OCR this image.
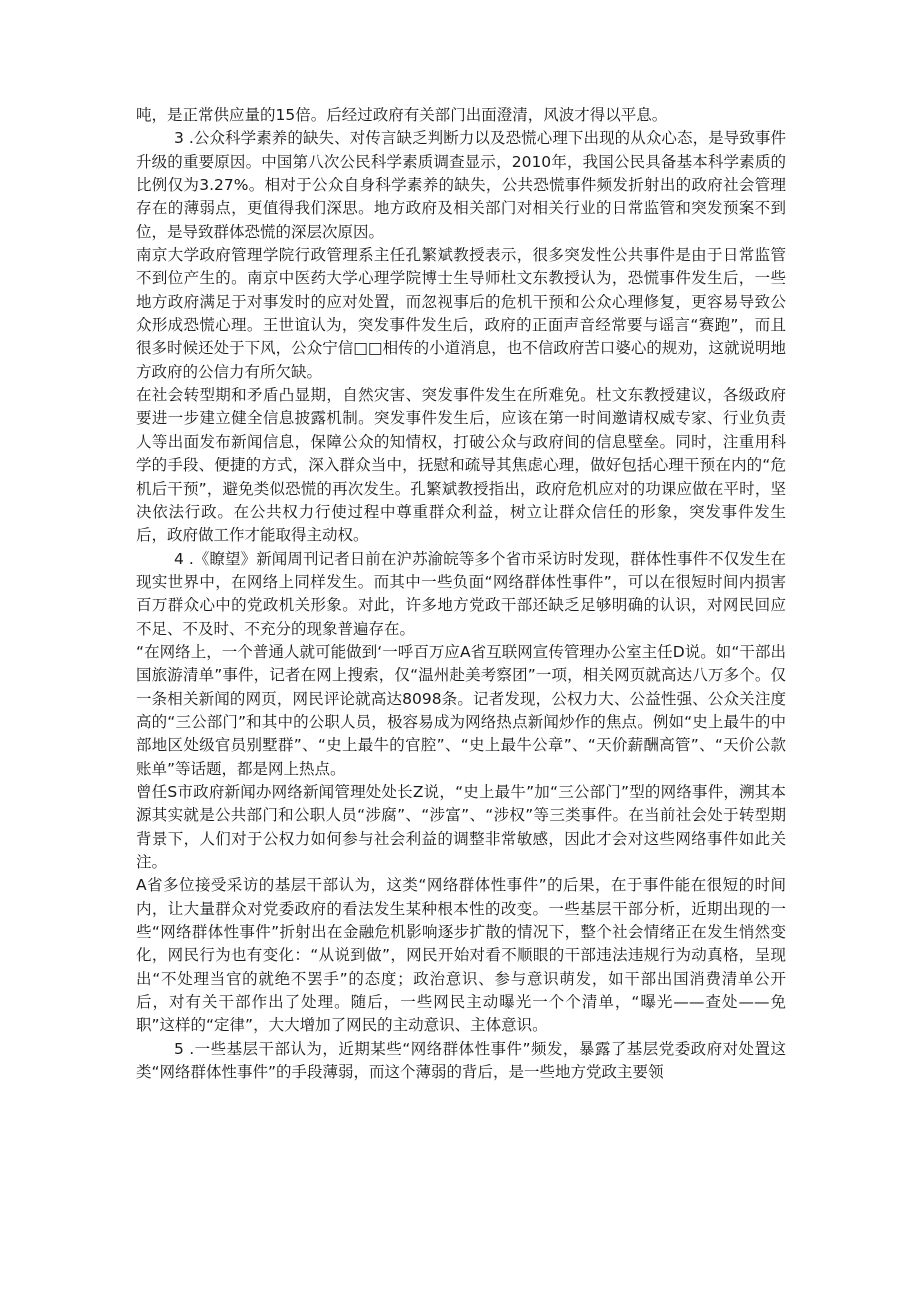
吨，是正常供应量的15倍。后经过政府有关部门出面澄清，风波才得以平息。

3 .公众科学素养的缺失、对传言缺乏判断力以及恐慌心理下出现的从众心态，是导致事件升级的重要原因。中国第八次公民科学素质调查显示，2010年，我国公民具备基本科学素质的比例仅为3.27%。相对于公众自身科学素养的缺失，公共恐慌事件频发折射出的政府社会管理存在的薄弱点，更值得我们深思。地方政府及相关部门对相关行业的日常监管和突发预案不到位，是导致群体恐慌的深层次原因。

南京大学政府管理学院行政管理系主任孔繁斌教授表示，很多突发性公共事件是由于日常监管不到位产生的。南京中医药大学心理学院博士生导师杜文东教授认为，恐慌事件发生后，一些地方政府满足于对事发时的应对处置，而忽视事后的危机干预和公众心理修复，更容易导致公众形成恐慌心理。王世谊认为，突发事件发生后，政府的正面声音经常要与谣言“赛跑”，而且很多时候还处于下风，公众宁信□□相传的小道消息，也不信政府苦口婆心的规劝，这就说明地方政府的公信力有所欠缺。

在社会转型期和矛盾凸显期，自然灾害、突发事件发生在所难免。杜文东教授建议，各级政府要进一步建立健全信息披露机制。突发事件发生后，应该在第一时间邀请权威专家、行业负责人等出面发布新闻信息，保障公众的知情权，打破公众与政府间的信息壁垒。同时，注重用科学的手段、便捷的方式，深入群众当中，抚慰和疏导其焦虑心理，做好包括心理干预在内的“危机后干预”，避免类似恐慌的再次发生。孔繁斌教授指出，政府危机应对的功课应做在平时，坚决依法行政。在公共权力行使过程中尊重群众利益，树立让群众信任的形象，突发事件发生后，政府做工作才能取得主动权。

4 .《瞭望》新闻周刊记者日前在沪苏渝皖等多个省市采访时发现，群体性事件不仅发生在现实世界中，在网络上同样发生。而其中一些负面“网络群体性事件”，可以在很短时间内损害百万群众心中的党政机关形象。对此，许多地方党政干部还缺乏足够明确的认识，对网民回应不足、不及时、不充分的现象普遍存在。

“在网络上，一个普通人就可能做到‘一呼百万应A省互联网宣传管理办公室主任D说。如“干部出国旅游清单”事件，记者在网上搜索，仅“温州赴美考察团”一项，相关网页就高达八万多个。仅一条相关新闻的网页，网民评论就高达8098条。记者发现，公权力大、公益性强、公众关注度高的“三公部门”和其中的公职人员，极容易成为网络热点新闻炒作的焦点。例如“史上最牛的中部地区处级官员别墅群”、“史上最牛的官腔”、“史上最牛公章”、“天价薪酬高管”、“天价公款账单”等话题，都是网上热点。

曾任S市政府新闻办网络新闻管理处处长Z说，“史上最牛”加“三公部门”型的网络事件，溯其本源其实就是公共部门和公职人员“涉腐”、“涉富”、“涉权”等三类事件。在当前社会处于转型期背景下，人们对于公权力如何参与社会利益的调整非常敏感，因此才会对这些网络事件如此关注。

A省多位接受采访的基层干部认为，这类“网络群体性事件”的后果，在于事件能在很短的时间内，让大量群众对党委政府的看法发生某种根本性的改变。一些基层干部分析，近期出现的一些“网络群体性事件”折射出在金融危机影响逐步扩散的情况下，整个社会情绪正在发生悄然变化，网民行为也有变化：“从说到做”，网民开始对看不顺眼的干部违法违规行为动真格，呈现出“不处理当官的就绝不罢手”的态度；政治意识、参与意识萌发，如干部出国消费清单公开后，对有关干部作出了处理。随后，一些网民主动曝光一个个清单，“曝光——查处——免职”这样的“定律”，大大增加了网民的主动意识、主体意识。

5 .一些基层干部认为，近期某些“网络群体性事件”频发，暴露了基层党委政府对处置这类“网络群体性事件”的手段薄弱，而这个薄弱的背后，是一些地方党政主要领
